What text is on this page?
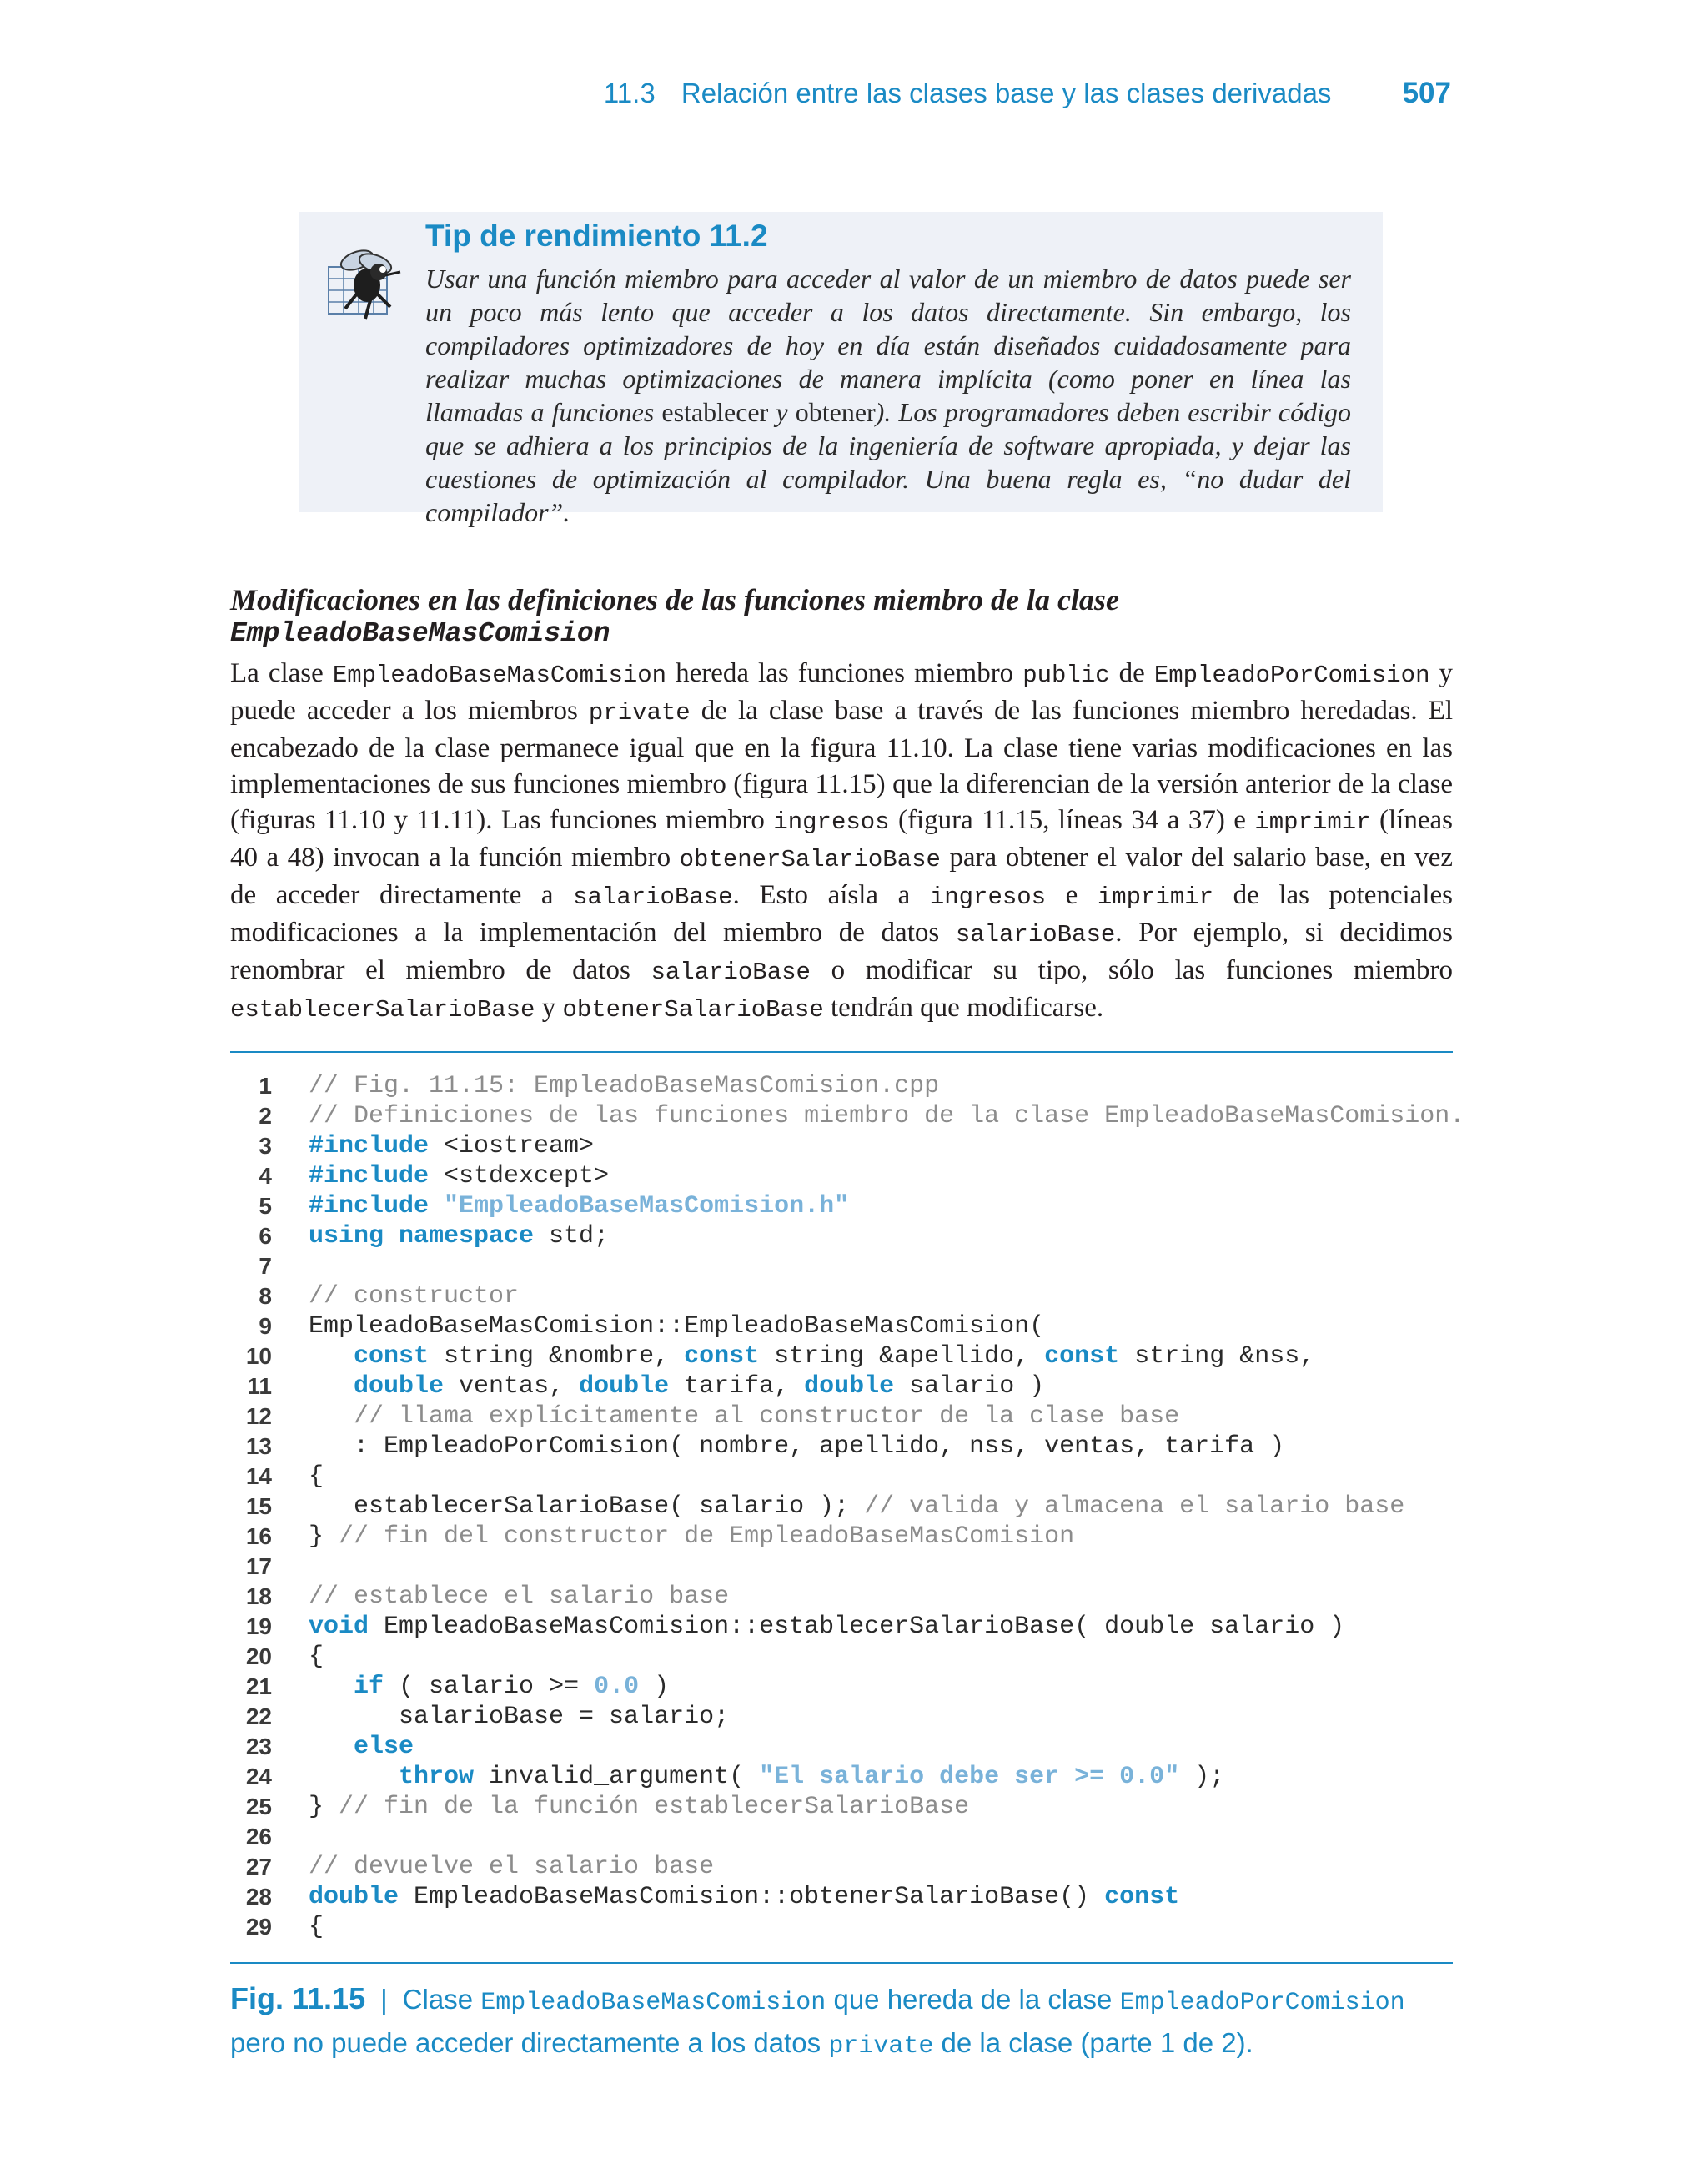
11.3 Relación entre las clases base y las clases derivadas 507
Tip de rendimiento 11.2
Usar una función miembro para acceder al valor de un miembro de datos puede ser un poco más lento que acceder a los datos directamente. Sin embargo, los compiladores optimizadores de hoy en día están diseñados cuidadosamente para realizar muchas optimizaciones de manera implícita (como poner en línea las llamadas a funciones establecer y obtener). Los programadores deben escribir código que se adhiera a los principios de la ingeniería de software apropiada, y dejar las cuestiones de optimización al compilador. Una buena regla es, “no dudar del compilador”.
Modificaciones en las definiciones de las funciones miembro de la clase
EmpleadoBaseMasComision
La clase EmpleadoBaseMasComision hereda las funciones miembro public de EmpleadoPorComision y puede acceder a los miembros private de la clase base a través de las funciones miembro heredadas. El encabezado de la clase permanece igual que en la figura 11.10. La clase tiene varias modificaciones en las implementaciones de sus funciones miembro (figura 11.15) que la diferencian de la versión anterior de la clase (figuras 11.10 y 11.11). Las funciones miembro ingresos (figura 11.15, líneas 34 a 37) e imprimir (líneas 40 a 48) invocan a la función miembro obtenerSalarioBase para obtener el valor del salario base, en vez de acceder directamente a salarioBase. Esto aísla a ingresos e imprimir de las potenciales modificaciones a la implementación del miembro de datos salarioBase. Por ejemplo, si decidimos renombrar el miembro de datos salarioBase o modificar su tipo, sólo las funciones miembro establecerSalarioBase y obtenerSalarioBase tendrán que modificarse.
1 // Fig. 11.15: EmpleadoBaseMasComision.cpp
2 // Definiciones de las funciones miembro de la clase EmpleadoBaseMasComision.
3 #include <iostream>
4 #include <stdexcept>
5 #include "EmpleadoBaseMasComision.h"
6 using namespace std;
7
8 // constructor
9 EmpleadoBaseMasComision::EmpleadoBaseMasComision(
10	const string &nombre, const string &apellido, const string &nss,
11	double ventas, double tarifa, double salario )
12	// llama explícitamente al constructor de la clase base
13 : EmpleadoPorComision( nombre, apellido, nss, ventas, tarifa )
14 {
15 establecerSalarioBase( salario ); // valida y almacena el salario base
16 } // fin del constructor de EmpleadoBaseMasComision
17
18 // establece el salario base
19 void EmpleadoBaseMasComision::establecerSalarioBase( double salario )
20 {
21	if ( salario >= 0.0 )
22 salarioBase = salario;
23	else
24	throw invalid_argument( "El salario debe ser >= 0.0" );
25 } // fin de la función establecerSalarioBase
26
27 // devuelve el salario base
28 double EmpleadoBaseMasComision::obtenerSalarioBase() const
29 {
Fig. 11.15 | Clase EmpleadoBaseMasComision que hereda de la clase EmpleadoPorComision pero no puede acceder directamente a los datos private de la clase (parte 1 de 2).
